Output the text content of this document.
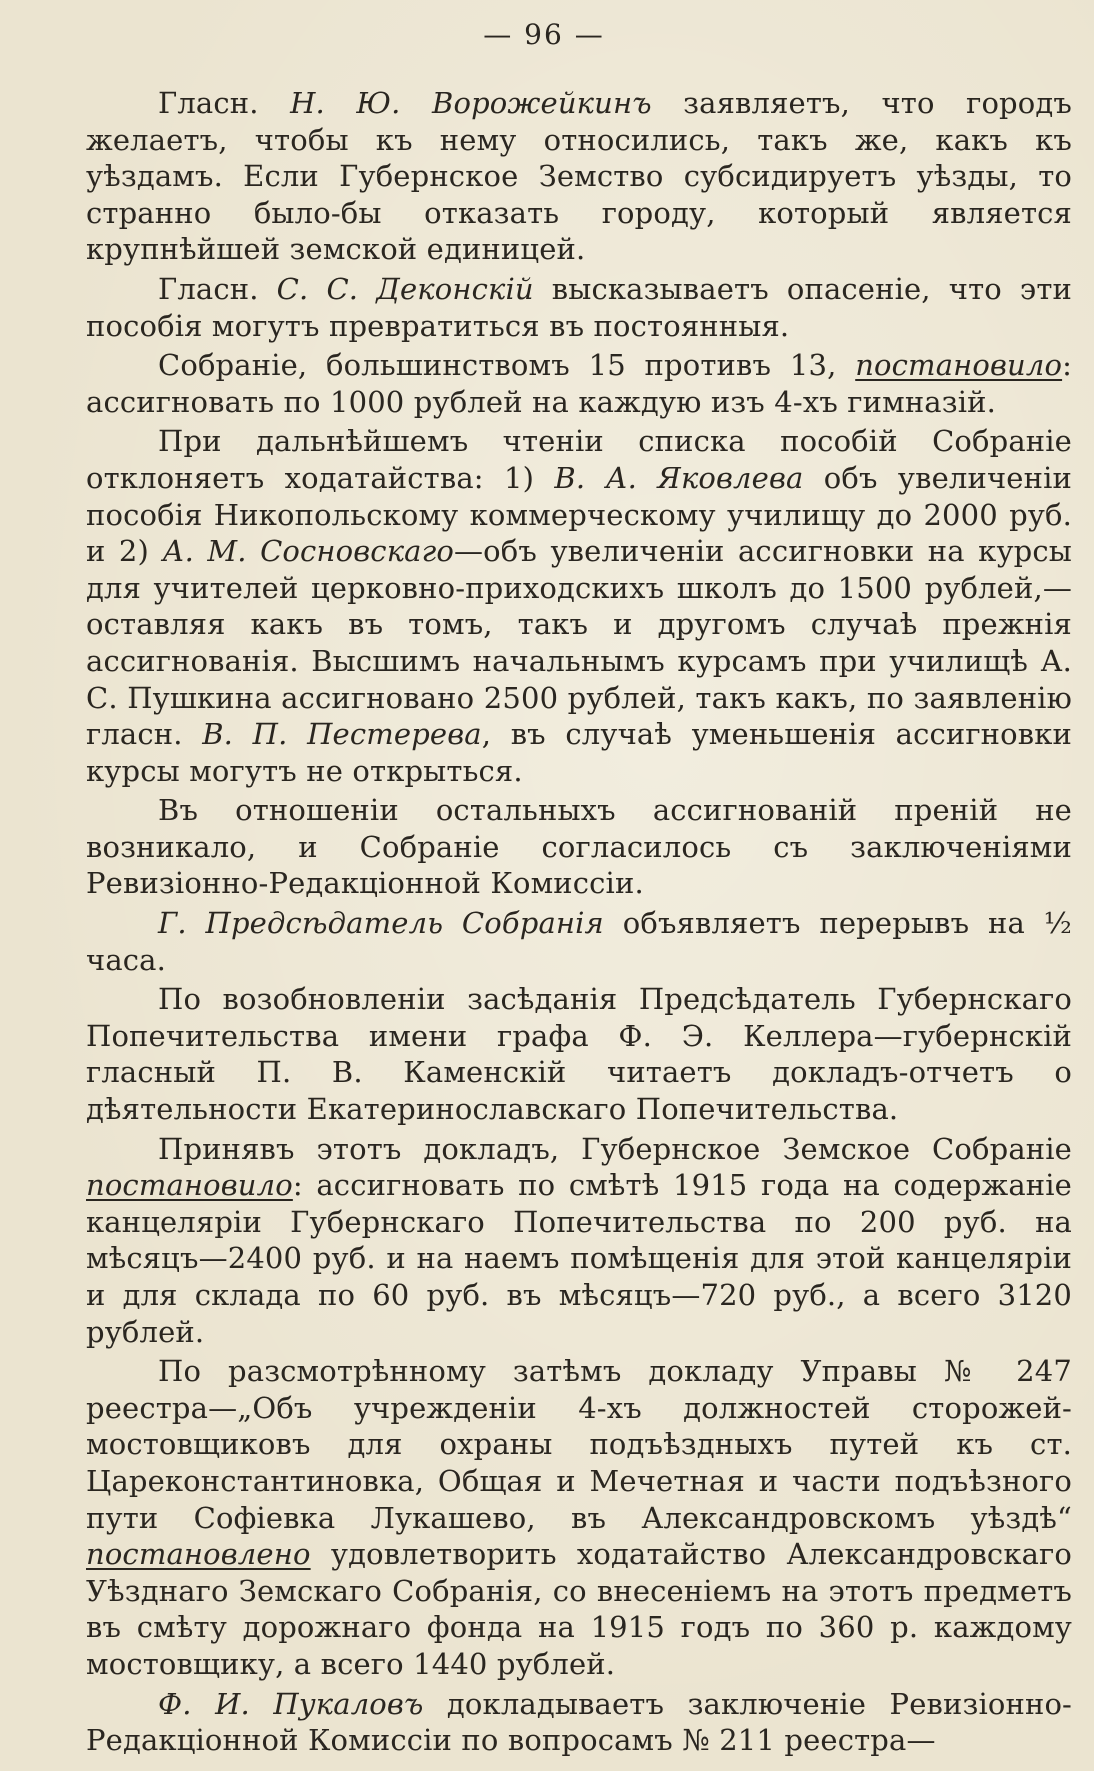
— 96 —

Гласн. Н. Ю. Ворожейкинъ заявляетъ, что городъ желаетъ, чтобы къ нему относились, такъ же, какъ къ уѣздамъ. Если Губернское Земство субсидируетъ уѣзды, то странно было-бы отказать городу, который является крупнѣйшей земской единицей.

Гласн. С. С. Деконскій высказываетъ опасеніе, что эти пособія могутъ превратиться въ постоянныя.

Собраніе, большинствомъ 15 противъ 13, постановило: ассигновать по 1000 рублей на каждую изъ 4-хъ гимназій.

При дальнѣйшемъ чтеніи списка пособій Собраніе отклоняетъ ходатайства: 1) В. А. Яковлева объ увеличеніи пособія Никопольскому коммерческому училищу до 2000 руб. и 2) А. М. Сосновскаго—объ увеличеніи ассигновки на курсы для учителей церковно-приходскихъ школъ до 1500 рублей,—оставляя какъ въ томъ, такъ и другомъ случаѣ прежнія ассигнованія. Высшимъ начальнымъ курсамъ при училищѣ А. С. Пушкина ассигновано 2500 рублей, такъ какъ, по заявленію гласн. В. П. Пестерева, въ случаѣ уменьшенія ассигновки курсы могутъ не открыться.

Въ отношеніи остальныхъ ассигнованій преній не возникало, и Собраніе согласилось съ заключеніями Ревизіонно-Редакціонной Комиссіи.

Г. Предсѣдатель Собранія объявляетъ перерывъ на ½ часа.

По возобновленіи засѣданія Предсѣдатель Губернскаго Попечительства имени графа Ф. Э. Келлера—губернскій гласный П. В. Каменскій читаетъ докладъ-отчетъ о дѣятельности Екатеринославскаго Попечительства.

Принявъ этотъ докладъ, Губернское Земское Собраніе постановило: ассигновать по смѣтѣ 1915 года на содержаніе канцеляріи Губернскаго Попечительства по 200 руб. на мѣсяцъ—2400 руб. и на наемъ помѣщенія для этой канцеляріи и для склада по 60 руб. въ мѣсяцъ—720 руб., а всего 3120 рублей.

По разсмотрѣнному затѣмъ докладу Управы № 247 реестра—„Объ учрежденіи 4-хъ должностей сторожей-мостовщиковъ для охраны подъѣздныхъ путей къ ст. Цареконстантиновка, Общая и Мечетная и части подъѣзного пути Софіевка Лукашево, въ Александровскомъ уѣздѣ“ постановлено удовлетворить ходатайство Александровскаго Уѣзднаго Земскаго Собранія, со внесеніемъ на этотъ предметъ въ смѣту дорожнаго фонда на 1915 годъ по 360 р. каждому мостовщику, а всего 1440 рублей.

Ф. И. Пукаловъ докладываетъ заключеніе Ревизіонно-Редакціонной Комиссіи по вопросамъ № 211 реестра—
